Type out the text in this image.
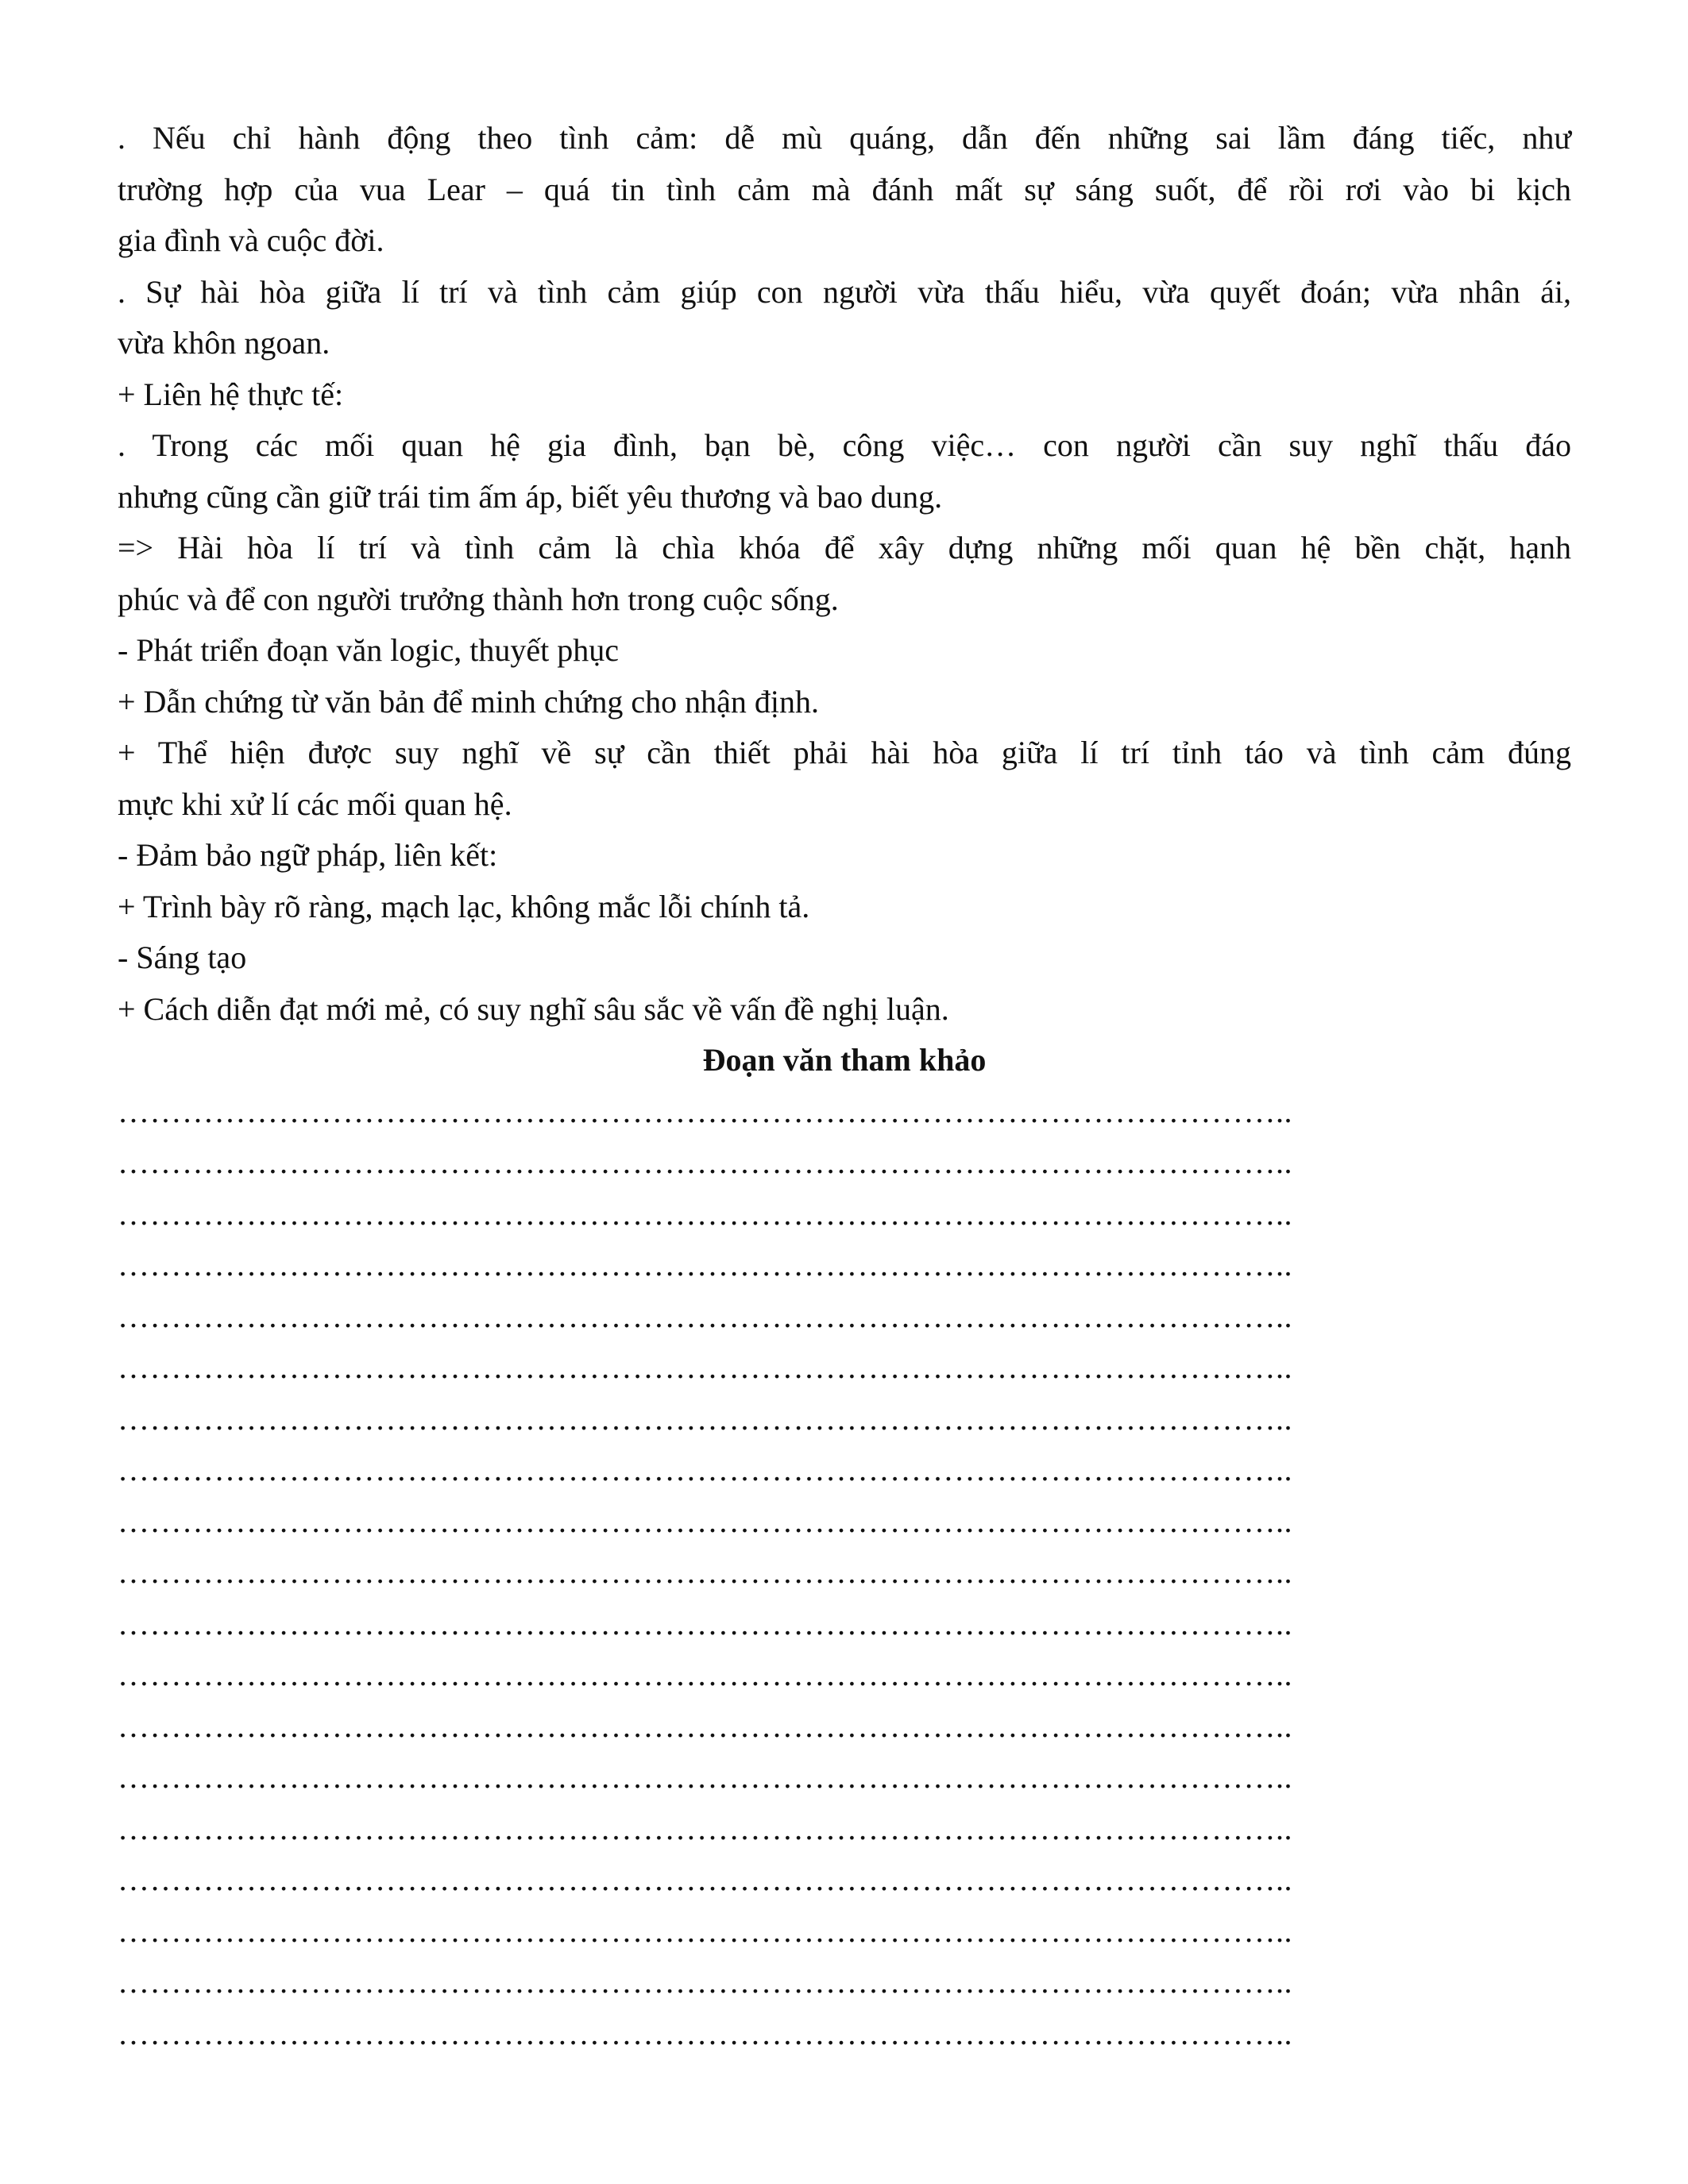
. Nếu chỉ hành động theo tình cảm: dễ mù quáng, dẫn đến những sai lầm đáng tiếc, như

trường hợp của vua Lear – quá tin tình cảm mà đánh mất sự sáng suốt, để rồi rơi vào bi kịch

gia đình và cuộc đời.

. Sự hài hòa giữa lí trí và tình cảm giúp con người vừa thấu hiểu, vừa quyết đoán; vừa nhân ái,

vừa khôn ngoan.

+ Liên hệ thực tế:

. Trong các mối quan hệ gia đình, bạn bè, công việc… con người cần suy nghĩ thấu đáo

nhưng cũng cần giữ trái tim ấm áp, biết yêu thương và bao dung.

=> Hài hòa lí trí và tình cảm là chìa khóa để xây dựng những mối quan hệ bền chặt, hạnh

phúc và để con người trưởng thành hơn trong cuộc sống.

- Phát triển đoạn văn logic, thuyết phục

+ Dẫn chứng từ văn bản để minh chứng cho nhận định.

+ Thể hiện được suy nghĩ về sự cần thiết phải hài hòa giữa lí trí tỉnh táo và tình cảm đúng

mực khi xử lí các mối quan hệ.

- Đảm bảo ngữ pháp, liên kết:

+ Trình bày rõ ràng, mạch lạc, không mắc lỗi chính tả.

- Sáng tạo

+ Cách diễn đạt mới mẻ, có suy nghĩ sâu sắc về vấn đề nghị luận.

Đoạn văn tham khảo

………………………………………………………………………………………………..

………………………………………………………………………………………………..

………………………………………………………………………………………………..

………………………………………………………………………………………………..

………………………………………………………………………………………………..

………………………………………………………………………………………………..

………………………………………………………………………………………………..

………………………………………………………………………………………………..

………………………………………………………………………………………………..

………………………………………………………………………………………………..

………………………………………………………………………………………………..

………………………………………………………………………………………………..

………………………………………………………………………………………………..

………………………………………………………………………………………………..

………………………………………………………………………………………………..

………………………………………………………………………………………………..

………………………………………………………………………………………………..

………………………………………………………………………………………………..

………………………………………………………………………………………………..
